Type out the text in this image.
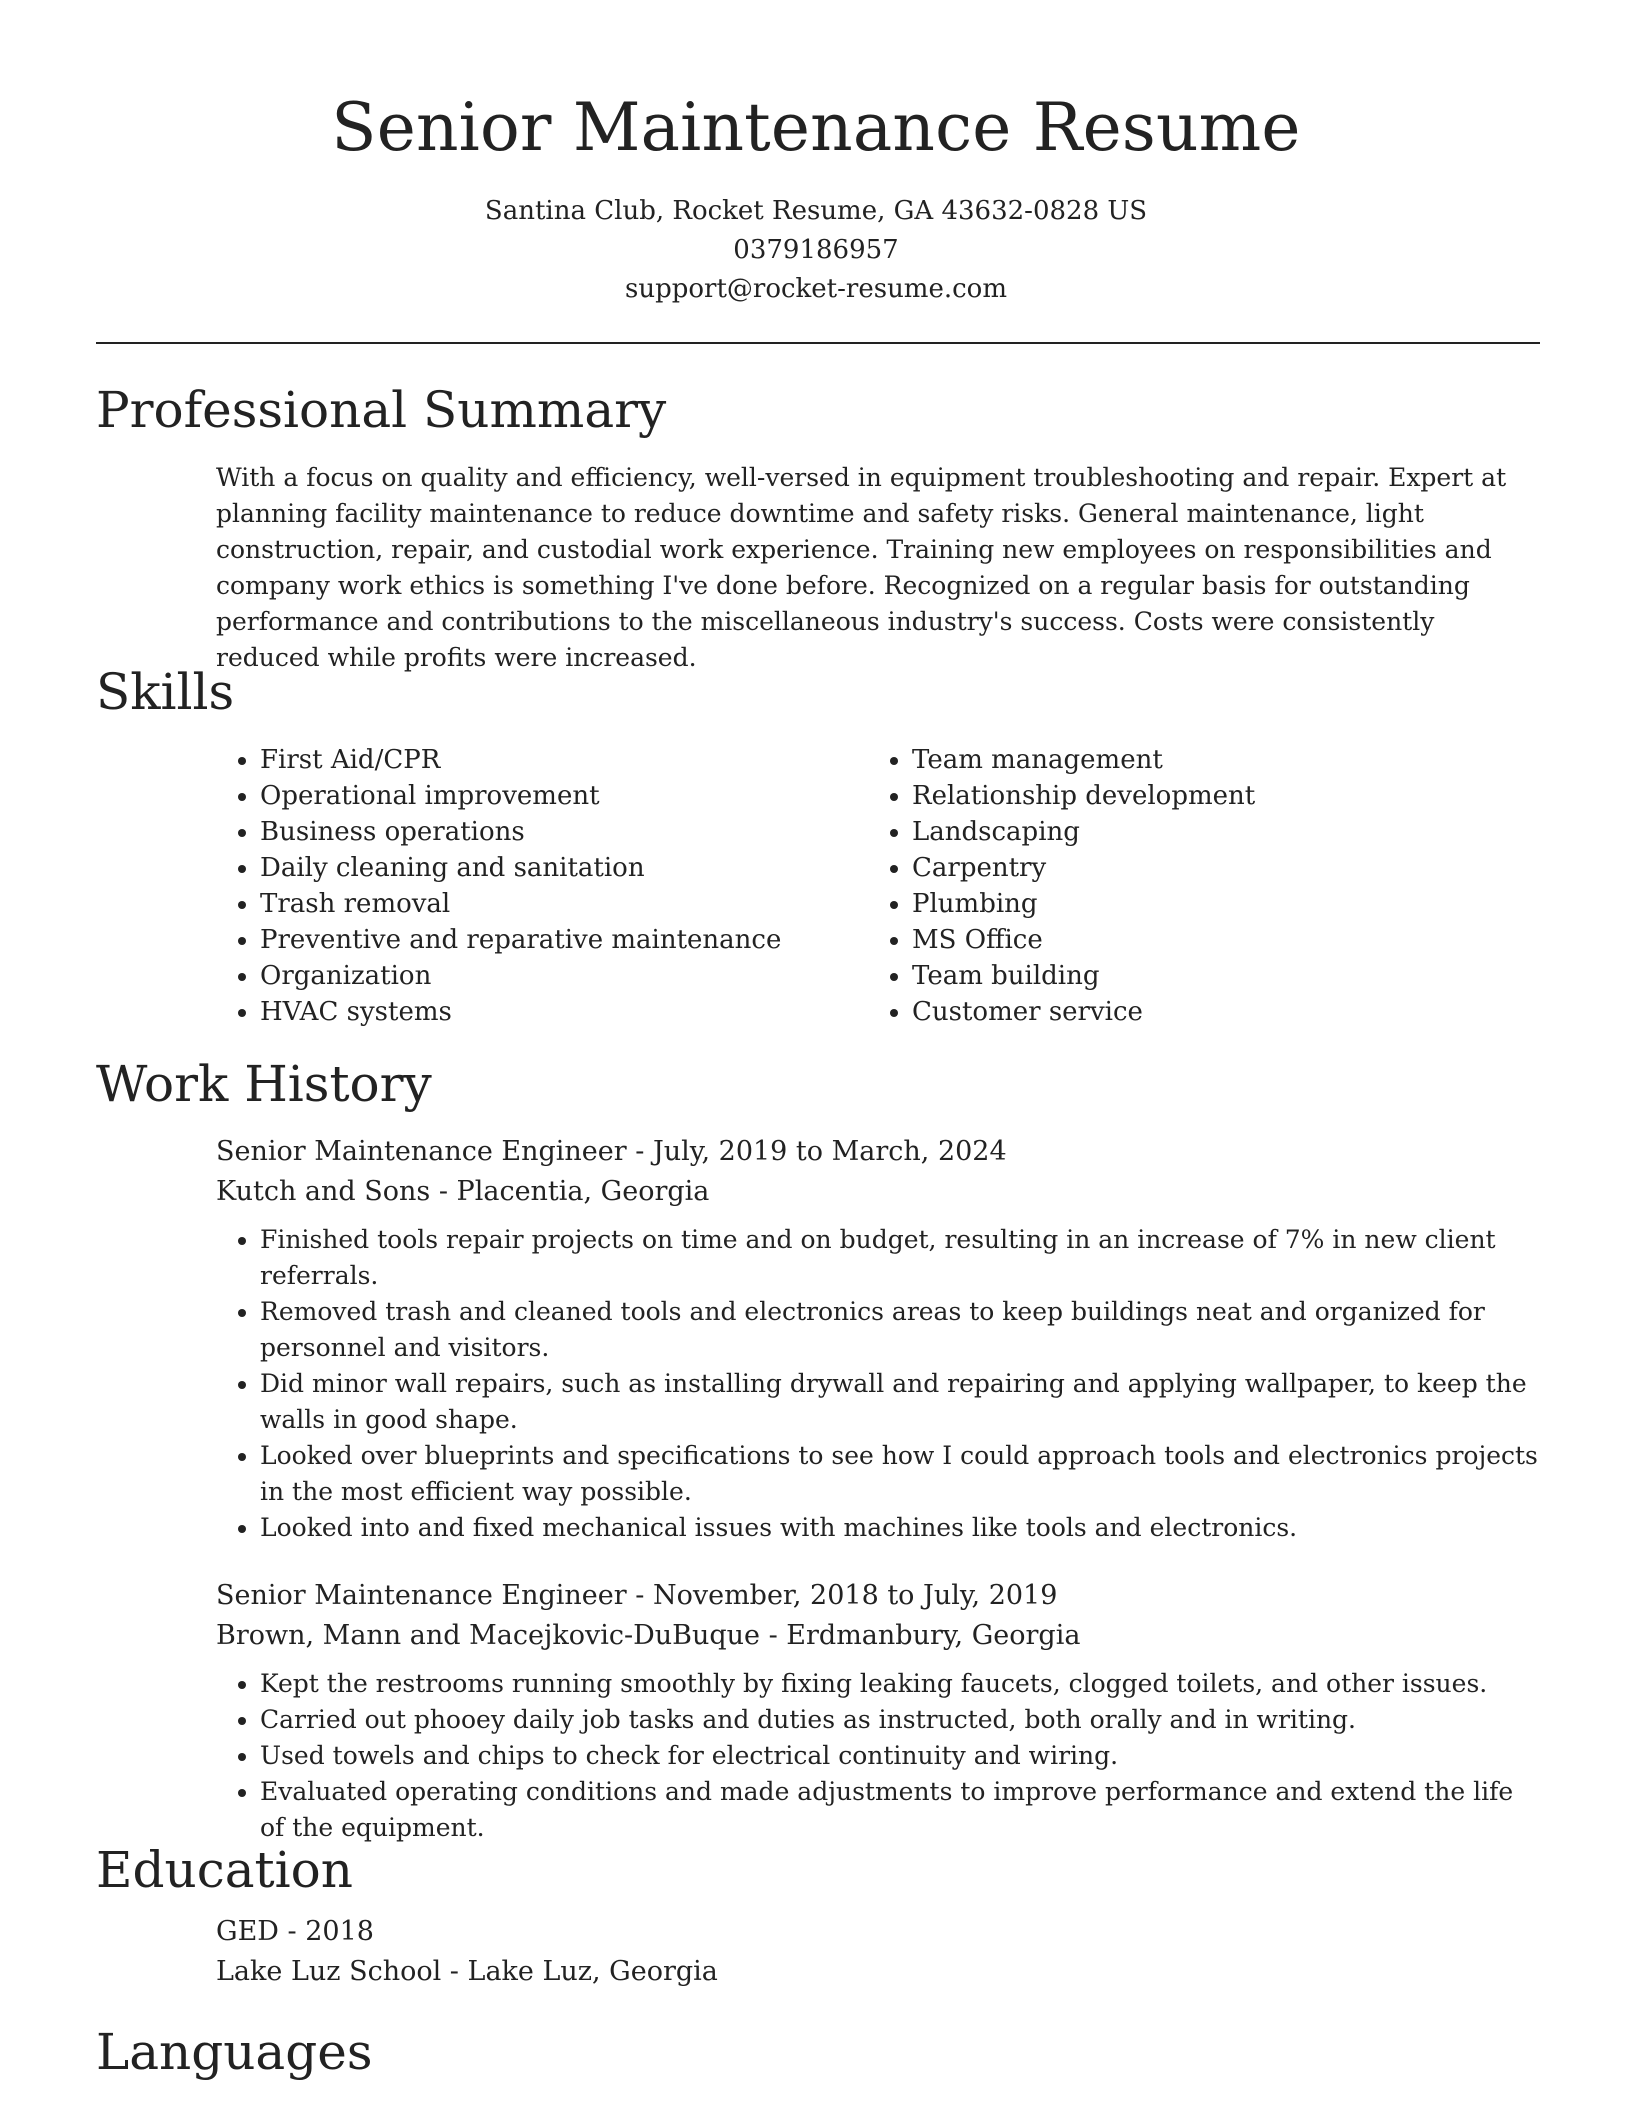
Senior Maintenance Resume
Santina Club, Rocket Resume, GA 43632-0828 US
0379186957
support@rocket-resume.com
Professional Summary
With a focus on quality and efficiency, well-versed in equipment troubleshooting and repair. Expert at planning facility maintenance to reduce downtime and safety risks. General maintenance, light construction, repair, and custodial work experience. Training new employees on responsibilities and company work ethics is something I've done before. Recognized on a regular basis for outstanding performance and contributions to the miscellaneous industry's success. Costs were consistently reduced while profits were increased.
Skills
• First Aid/CPR
• Operational improvement
• Business operations
• Daily cleaning and sanitation
• Trash removal
• Preventive and reparative maintenance
• Organization
• HVAC systems
• Team management
• Relationship development
• Landscaping
• Carpentry
• Plumbing
• MS Office
• Team building
• Customer service
Work History
Senior Maintenance Engineer - July, 2019 to March, 2024
Kutch and Sons - Placentia, Georgia
• Finished tools repair projects on time and on budget, resulting in an increase of 7% in new client referrals.
• Removed trash and cleaned tools and electronics areas to keep buildings neat and organized for personnel and visitors.
• Did minor wall repairs, such as installing drywall and repairing and applying wallpaper, to keep the walls in good shape.
• Looked over blueprints and specifications to see how I could approach tools and electronics projects in the most efficient way possible.
• Looked into and fixed mechanical issues with machines like tools and electronics.
Senior Maintenance Engineer - November, 2018 to July, 2019
Brown, Mann and Macejkovic-DuBuque - Erdmanbury, Georgia
• Kept the restrooms running smoothly by fixing leaking faucets, clogged toilets, and other issues.
• Carried out phooey daily job tasks and duties as instructed, both orally and in writing.
• Used towels and chips to check for electrical continuity and wiring.
• Evaluated operating conditions and made adjustments to improve performance and extend the life of the equipment.
Education
GED - 2018
Lake Luz School - Lake Luz, Georgia
Languages
